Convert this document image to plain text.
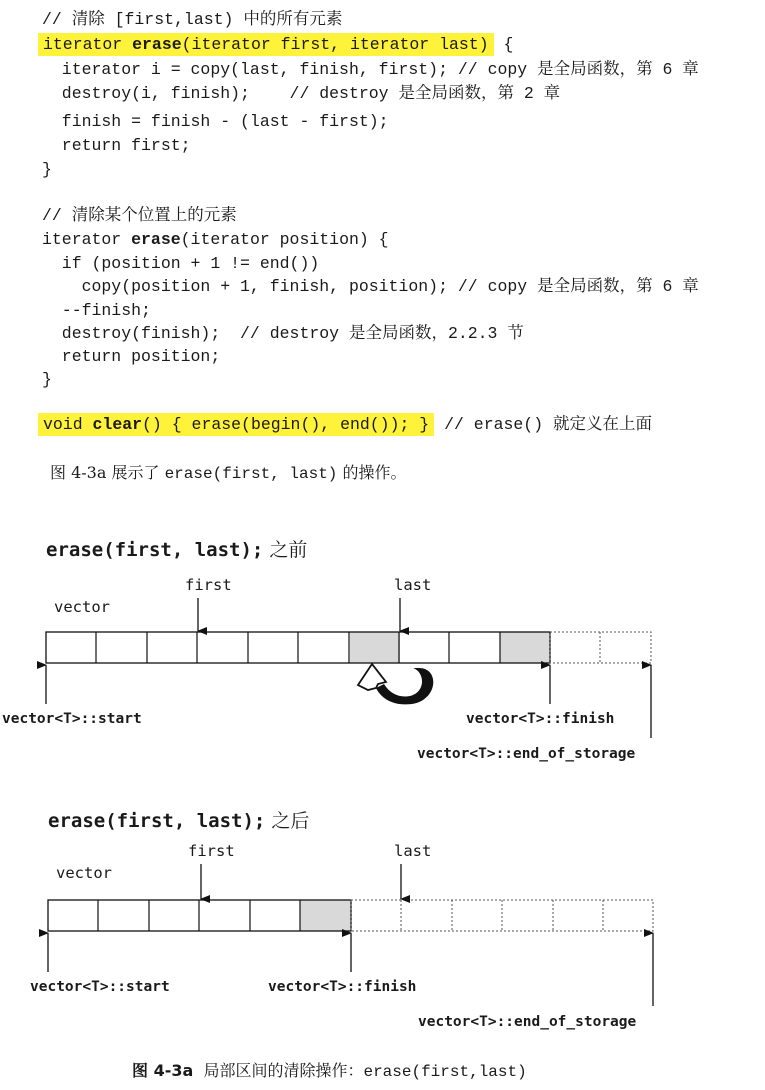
// 清除 [first,last) 中的所有元素
iterator erase(iterator first, iterator last) {
iterator i = copy(last, finish, first); // copy 是全局函数，第 6 章
destroy(i, finish);    // destroy 是全局函数，第 2 章
finish = finish - (last - first);
return first;
}
// 清除某个位置上的元素
iterator erase(iterator position) {
if (position + 1 != end())
copy(position + 1, finish, position); // copy 是全局函数，第 6 章
--finish;
destroy(finish);  // destroy 是全局函数，2.2.3 节
return position;
}
void clear() { erase(begin(), end()); } // erase() 就定义在上面
图 4-3a 展示了 erase(first, last) 的操作。
erase(first, last); 之前
first	last
vector
vector<T>::start	vector<T>::finish
vector<T>::end_of_storage
erase(first, last); 之后
first	last
vector
vector<T>::start	vector<T>::finish
vector<T>::end_of_storage
图 4-3a  局部区间的清除操作：erase(first,last)
